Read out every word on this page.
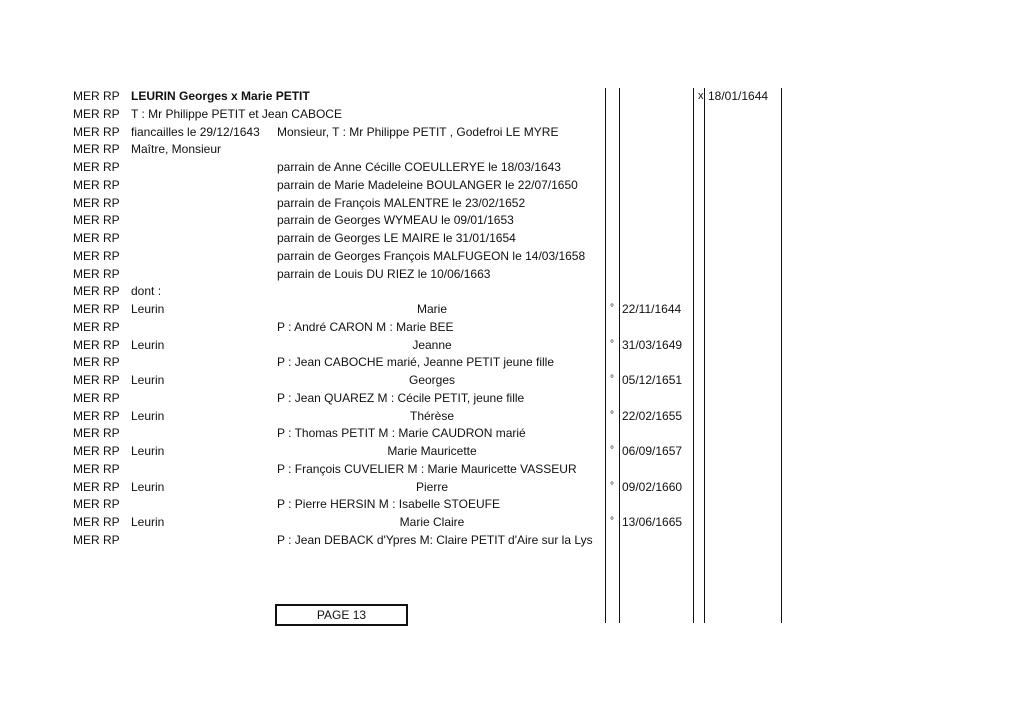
MER RP LEURIN Georges x Marie PETIT	x 18/01/1644
MER RP T : Mr Philippe PETIT et Jean CABOCE
MER RP fiancailles le 29/12/1643 Monsieur, T : Mr Philippe PETIT , Godefroi LE MYRE
MER RP Maître, Monsieur
MER RP	parrain de Anne Cécille COEULLERYE le 18/03/1643
MER RP	parrain de Marie Madeleine BOULANGER le 22/07/1650
MER RP	parrain de François MALENTRE le 23/02/1652
MER RP	parrain de Georges WYMEAU le 09/01/1653
MER RP	parrain de Georges LE MAIRE le 31/01/1654
MER RP	parrain de Georges François MALFUGEON le 14/03/1658
MER RP	parrain de Louis DU RIEZ le 10/06/1663
MER RP dont :
MER RP Leurin	Marie	° 22/11/1644
MER RP	P : André CARON M : Marie BEE
MER RP Leurin	Jeanne	° 31/03/1649
MER RP	P : Jean CABOCHE marié, Jeanne PETIT jeune fille
MER RP Leurin	Georges	° 05/12/1651
MER RP	P : Jean QUAREZ M : Cécile PETIT, jeune fille
MER RP Leurin	Thérèse	° 22/02/1655
MER RP	P : Thomas PETIT M : Marie CAUDRON marié
MER RP Leurin	Marie Mauricette	° 06/09/1657
MER RP	P : François CUVELIER M : Marie Mauricette VASSEUR
MER RP Leurin	Pierre	° 09/02/1660
MER RP	P : Pierre HERSIN M : Isabelle STOEUFE
MER RP Leurin	Marie Claire	° 13/06/1665
MER RP	P : Jean DEBACK d'Ypres M: Claire PETIT d'Aire sur la Lys
PAGE 13
